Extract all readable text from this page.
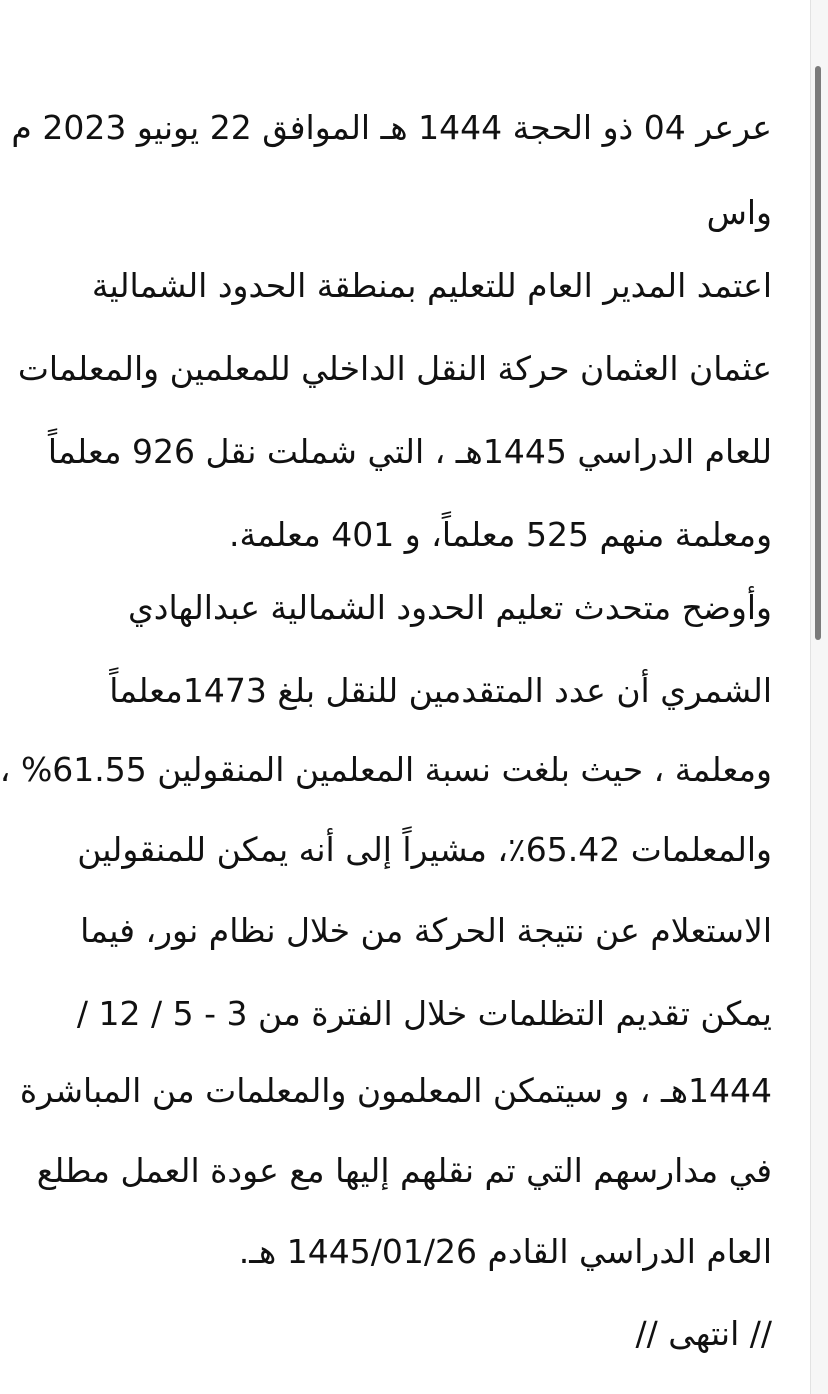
عرعر 04 ذو الحجة 1444 هـ الموافق 22 يونيو 2023 م
واس
اعتمد المدير العام للتعليم بمنطقة الحدود الشمالية
عثمان العثمان حركة النقل الداخلي للمعلمين والمعلمات
للعام الدراسي 1445هـ ، التي شملت نقل 926 معلماً
ومعلمة منهم 525 معلماً، و 401 معلمة.
وأوضح متحدث تعليم الحدود الشمالية عبدالهادي
الشمري أن عدد المتقدمين للنقل بلغ 1473معلماً
ومعلمة ، حيث بلغت نسبة المعلمين المنقولين 61.55% ،
والمعلمات 65.42٪، مشيراً إلى أنه يمكن للمنقولين
الاستعلام عن نتيجة الحركة من خلال نظام نور، فيما
يمكن تقديم التظلمات خلال الفترة من 3 - 5 / 12 /
1444هـ ، و سيتمكن المعلمون والمعلمات من المباشرة
في مدارسهم التي تم نقلهم إليها مع عودة العمل مطلع
العام الدراسي القادم 1445/01/26 هـ.
// انتهى //
